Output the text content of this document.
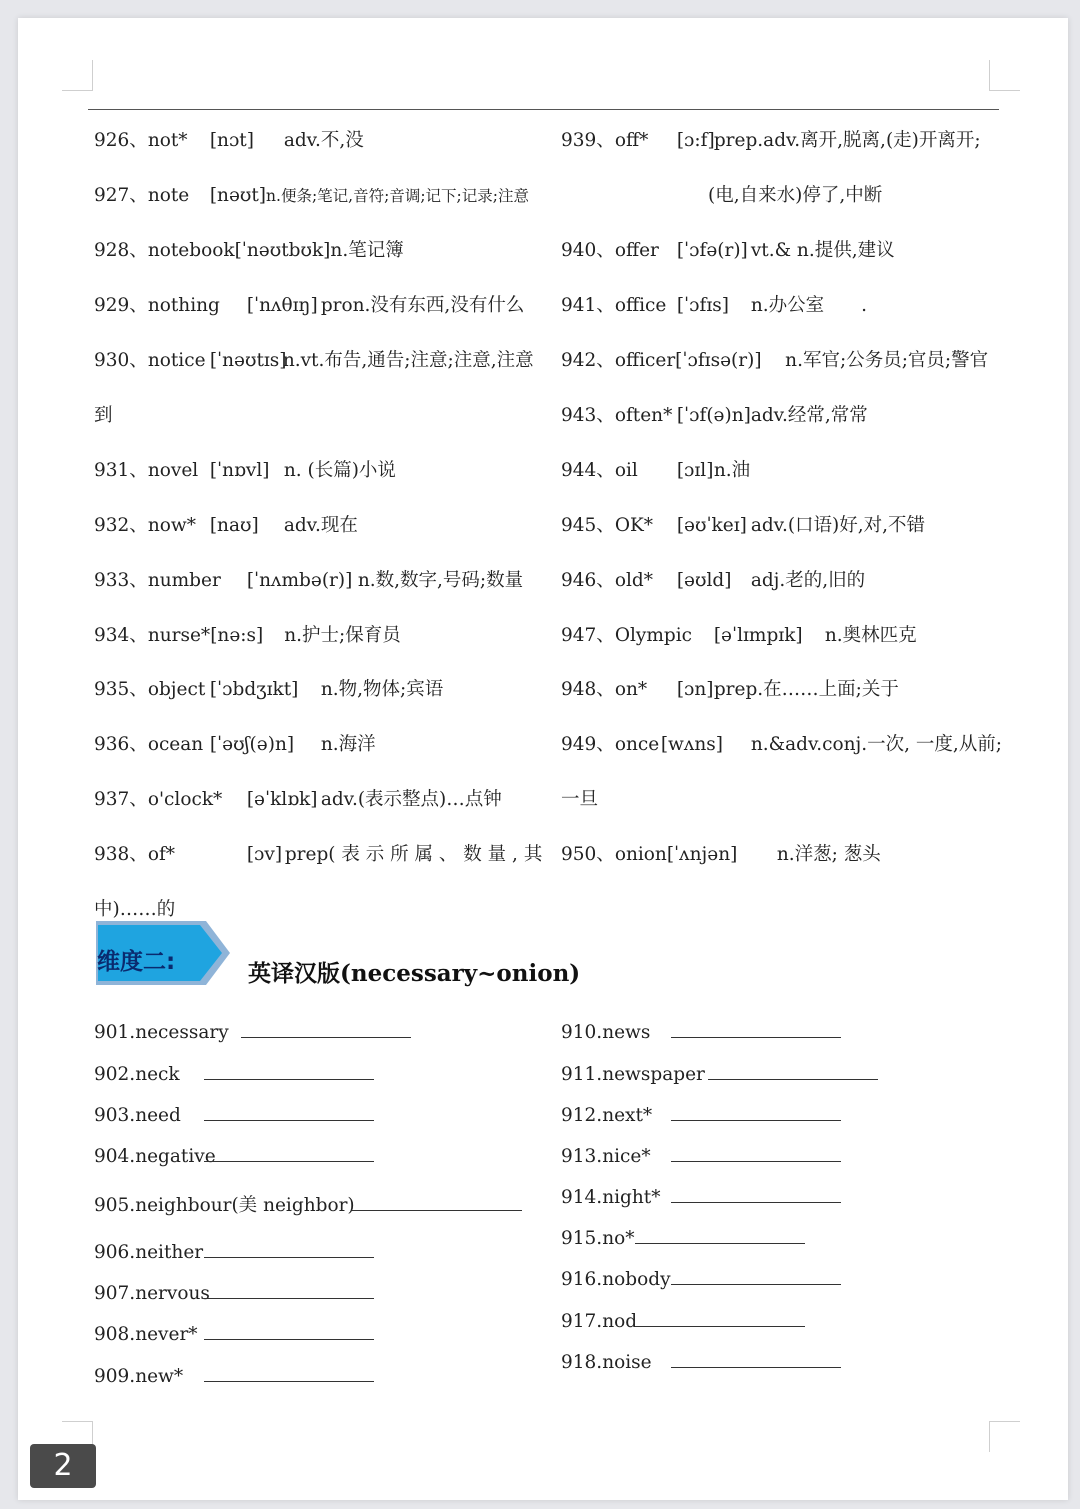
926、not* [nɔt] adv.不,没
927、note [nəʊt]n.便条;笔记,音符;音调;记下;记录;注意
928、notebook[ˈnəʊtbʊk]n.笔记簿
929、nothing [ˈnʌθɪŋ] pron.没有东西,没有什么
930、notice [ˈnəʊtɪs]n.vt.布告,通告;注意;注意,注意
到
931、novel [ˈnɒvl] n. (长篇)小说
932、now* [naʊ] adv.现在
933、number [ˈnʌmbə(r)] n.数,数字,号码;数量
934、nurse*[nə:s] n.护士;保育员
935、object [ˈɔbdʒɪkt] n.物,物体;宾语
936、ocean [ˈəʊʃ(ə)n] n.海洋
937、o'clock* [əˈklɒk] adv.(表示整点)…点钟
938、of*	[ɔv] prep( 表 示 所 属 、 数 量 , 其
中)……的
939、off* [ɔ:f]prep.adv.离开,脱离,(走)开离开;
(电,自来水)停了,中断
940、offer [ˈɔfə(r)] vt.& n.提供,建议
941、office [ˈɔfɪs] n.办公室　　.
942、officer[ˈɔfɪsə(r)] n.军官;公务员;官员;警官
943、often* [ˈɔf(ə)n]adv.经常,常常
944、oil [ɔɪl]n.油
945、OK* [əʊˈkeɪ] adv.(口语)好,对,不错
946、old* [əʊld] adj.老的,旧的
947、Olympic [əˈlɪmpɪk] n.奥林匹克
948、on* [ɔn]prep.在……上面;关于
949、once[wʌns] n.&adv.conj.一次, 一度,从前;
一旦
950、onion[ˈʌnjən] n.洋葱; 葱头
维度二:	英译汉版(necessary~onion)
901.necessary
902.neck
903.need
904.negative
905.neighbour(美 neighbor)
906.neither
907.nervous
908.never*
909.new*
910.news
911.newspaper
912.next*
913.nice*
914.night*
915.no*
916.nobody
917.nod
918.noise
2
